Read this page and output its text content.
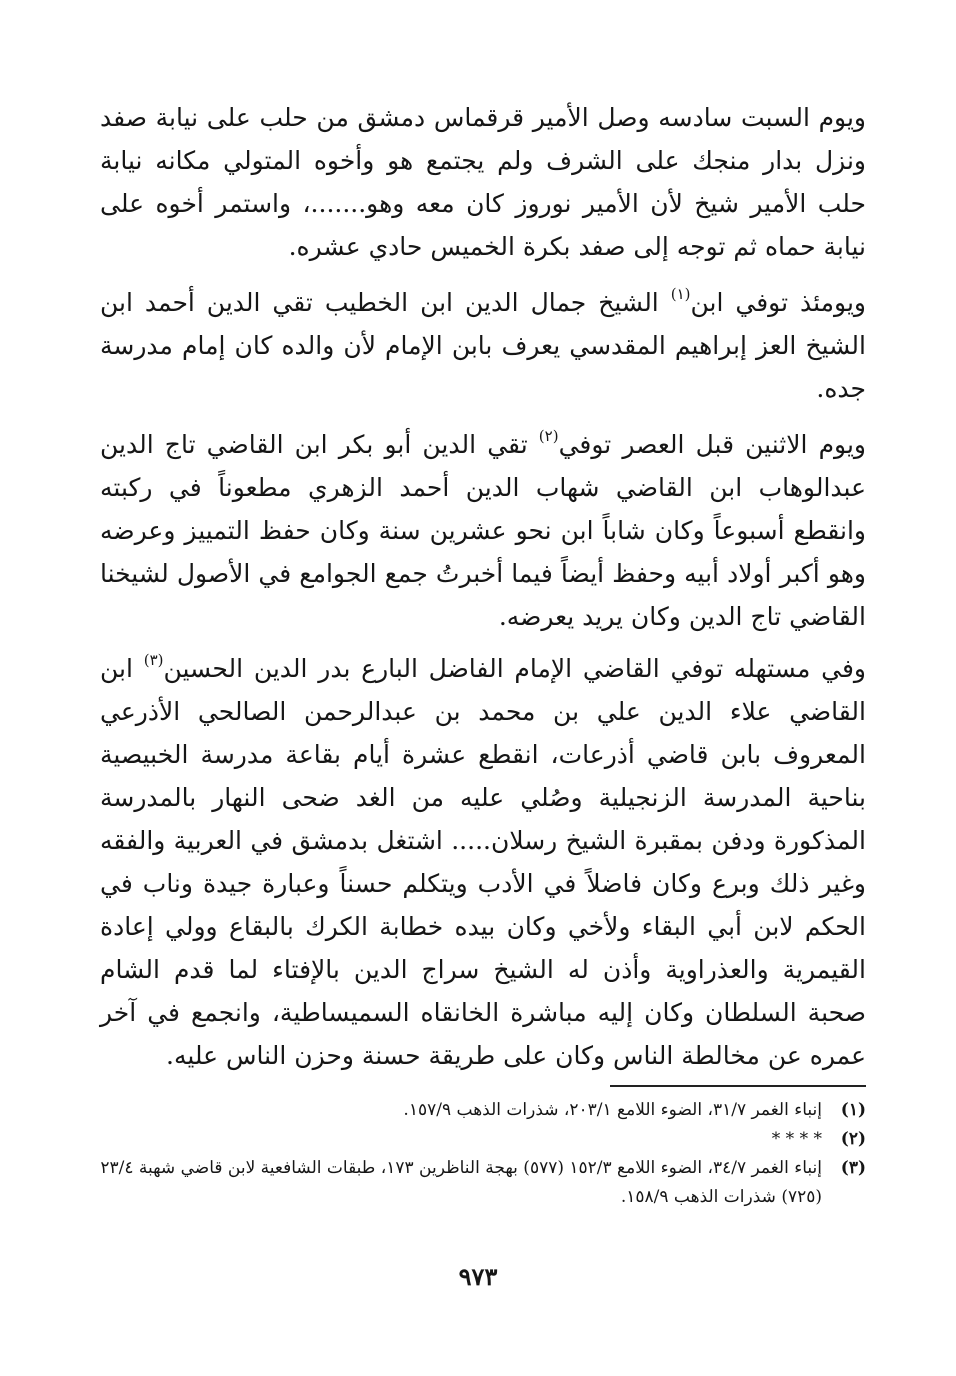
ويوم السبت سادسه وصل الأمير قرقماس دمشق من حلب على نيابة صفد ونزل بدار منجك على الشرف ولم يجتمع هو وأخوه المتولي مكانه نيابة حلب الأمير شيخ لأن الأمير نوروز كان معه وهو.......، واستمر أخوه على نيابة حماه ثم توجه إلى صفد بكرة الخميس حادي عشره.

ويومئذ توفي ابن$^{(١)}$ الشيخ جمال الدين ابن الخطيب تقي الدين أحمد ابن الشيخ العز إبراهيم المقدسي يعرف بابن الإمام لأن والده كان إمام مدرسة جده.

ويوم الاثنين قبل العصر توفي$^{(٢)}$ تقي الدين أبو بكر ابن القاضي تاج الدين عبدالوهاب ابن القاضي شهاب الدين أحمد الزهري مطعوناً في ركبته وانقطع أسبوعاً وكان شاباً ابن نحو عشرين سنة وكان حفظ التمييز وعرضه وهو أكبر أولاد أبيه وحفظ أيضاً فيما أخبرتُ جمع الجوامع في الأصول لشيخنا القاضي تاج الدين وكان يريد يعرضه.

وفي مستهله توفي القاضي الإمام الفاضل البارع بدر الدين الحسين$^{(٣)}$ ابن القاضي علاء الدين علي بن محمد بن عبدالرحمن الصالحي الأذرعي المعروف بابن قاضي أذرعات، انقطع عشرة أيام بقاعة مدرسة الخبيصية بناحية المدرسة الزنجيلية وصُلي عليه من الغد ضحى النهار بالمدرسة المذكورة ودفن بمقبرة الشيخ رسلان..... اشتغل بدمشق في العربية والفقه وغير ذلك وبرع وكان فاضلاً في الأدب ويتكلم حسناً وعبارة جيدة وناب في الحكم لابن أبي البقاء ولأخي وكان بيده خطابة الكرك بالبقاع وولي إعادة القيمرية والعذراوية وأذن له الشيخ سراج الدين بالإفتاء لما قدم الشام صحبة السلطان وكان إليه مباشرة الخانقاه السميساطية، وانجمع في آخر عمره عن مخالطة الناس وكان على طريقة حسنة وحزن الناس عليه.

(١)
إنباء الغمر ٣١/٧، الضوء اللامع ٢٠٣/١، شذرات الذهب ١٥٧/٩.
(٢)
* * * *
(٣)
إنباء الغمر ٣٤/٧، الضوء اللامع ١٥٢/٣ (٥٧٧) بهجة الناظرين ١٧٣، طبقات الشافعية لابن قاضي شهبة ٢٣/٤ (٧٢٥) شذرات الذهب ١٥٨/٩.
٩٧٣
